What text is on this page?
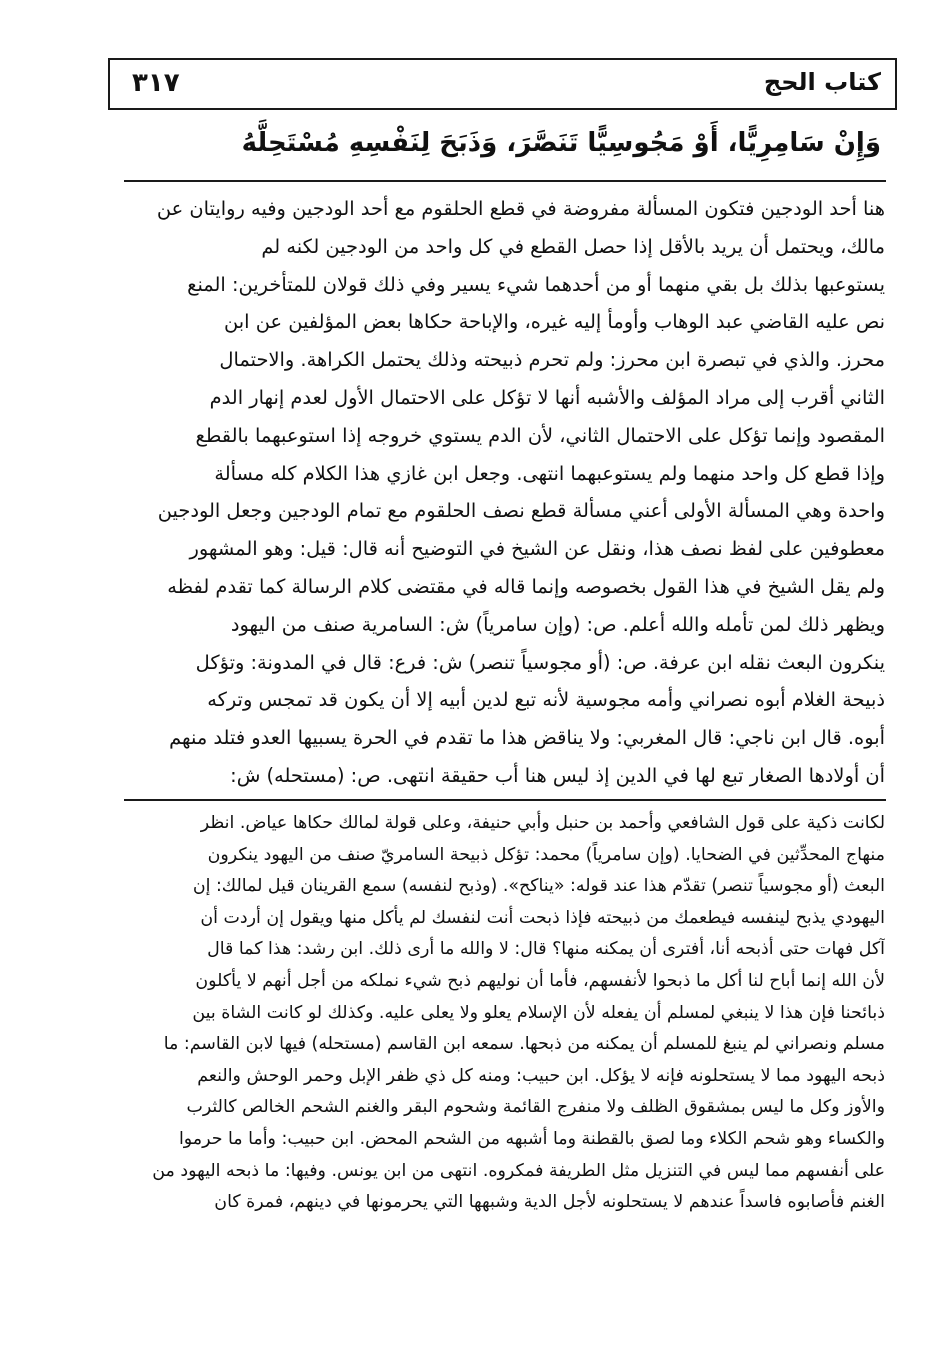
كتاب الحج
٣١٧
وَإِنْ سَامِرِيًّا، أَوْ مَجُوسِيًّا تَنَصَّرَ، وَذَبَحَ لِنَفْسِهِ مُسْتَحِلَّهُ
هنا أحد الودجين فتكون المسألة مفروضة في قطع الحلقوم مع أحد الودجين وفيه روايتان عن
مالك، ويحتمل أن يريد بالأقل إذا حصل القطع في كل واحد من الودجين لكنه لم
يستوعبها بذلك بل بقي منهما أو من أحدهما شيء يسير وفي ذلك قولان للمتأخرين: المنع
نص عليه القاضي عبد الوهاب وأومأ إليه غيره، والإباحة حكاها بعض المؤلفين عن ابن
محرز. والذي في تبصرة ابن محرز: ولم تحرم ذبيحته وذلك يحتمل الكراهة. والاحتمال
الثاني أقرب إلى مراد المؤلف والأشبه أنها لا تؤكل على الاحتمال الأول لعدم إنهار الدم
المقصود وإنما تؤكل على الاحتمال الثاني، لأن الدم يستوي خروجه إذا استوعبهما بالقطع
وإذا قطع كل واحد منهما ولم يستوعبهما انتهى. وجعل ابن غازي هذا الكلام كله مسألة
واحدة وهي المسألة الأولى أعني مسألة قطع نصف الحلقوم مع تمام الودجين وجعل الودجين
معطوفين على لفظ نصف هذا، ونقل عن الشيخ في التوضيح أنه قال: قيل: وهو المشهور
ولم يقل الشيخ في هذا القول بخصوصه وإنما قاله في مقتضى كلام الرسالة كما تقدم لفظه
ويظهر ذلك لمن تأمله والله أعلم. ص: (وإن سامرياً) ش: السامرية صنف من اليهود
ينكرون البعث نقله ابن عرفة. ص: (أو مجوسياً تنصر) ش: فرع: قال في المدونة: وتؤكل
ذبيحة الغلام أبوه نصراني وأمه مجوسية لأنه تبع لدين أبيه إلا أن يكون قد تمجس وتركه
أبوه. قال ابن ناجي: قال المغربي: ولا يناقض هذا ما تقدم في الحرة يسبيها العدو فتلد منهم
أن أولادها الصغار تبع لها في الدين إذ ليس هنا أب حقيقة انتهى. ص: (مستحله) ش:
لكانت ذكية على قول الشافعي وأحمد بن حنبل وأبي حنيفة، وعلى قولة لمالك حكاها عياض. انظر
منهاج المحدِّثين في الضحايا. (وإن سامرياً) محمد: تؤكل ذبيحة السامريّ صنف من اليهود ينكرون
البعث (أو مجوسياً تنصر) تقدّم هذا عند قوله: «يناكح». (وذبح لنفسه) سمع القرينان قيل لمالك: إن
اليهودي يذبح لينفسه فيطعمك من ذبيحته فإذا ذبحت أنت لنفسك لم يأكل منها ويقول إن أردت أن
آكل فهات حتى أذبحه أنا، أفترى أن يمكنه منها؟ قال: لا والله ما أرى ذلك. ابن رشد: هذا كما قال
لأن الله إنما أباح لنا أكل ما ذبحوا لأنفسهم، فأما أن نوليهم ذبح شيء نملكه من أجل أنهم لا يأكلون
ذبائحنا فإن هذا لا ينبغي لمسلم أن يفعله لأن الإسلام يعلو ولا يعلى عليه. وكذلك لو كانت الشاة بين
مسلم ونصراني لم ينبغ للمسلم أن يمكنه من ذبحها. سمعه ابن القاسم (مستحله) فيها لابن القاسم: ما
ذبحه اليهود مما لا يستحلونه فإنه لا يؤكل. ابن حبيب: ومنه كل ذي ظفر الإبل وحمر الوحش والنعم
والأوز وكل ما ليس بمشقوق الظلف ولا منفرج القائمة وشحوم البقر والغنم الشحم الخالص كالثرب
والكساء وهو شحم الكلاء وما لصق بالقطنة وما أشبهه من الشحم المحض. ابن حبيب: وأما ما حرموا
على أنفسهم مما ليس في التنزيل مثل الطريفة فمكروه. انتهى من ابن يونس. وفيها: ما ذبحه اليهود من
الغنم فأصابوه فاسداً عندهم لا يستحلونه لأجل الدية وشبهها التي يحرمونها في دينهم، فمرة كان
